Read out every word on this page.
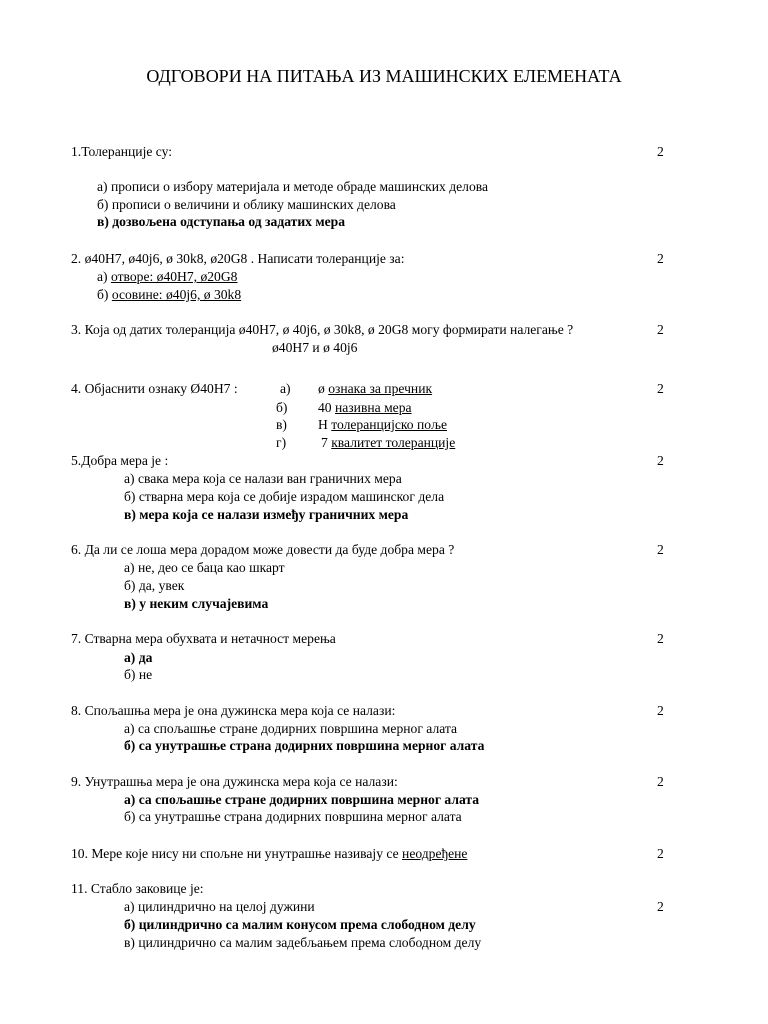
ОДГОВОРИ НА ПИТАЊА ИЗ МАШИНСКИХ ЕЛЕМЕНАТА
1.Толеранције су:	2
а) прописи о избору материјала и методе обраде машинских делова
б) прописи о величини и облику машинских делова
в) дозвољена одступања од задатих мера
2. ø40H7, ø40j6, ø 30k8, ø20G8 . Написати толеранције за:	2
а) отворе: ø40H7, ø20G8
б) осовине: ø40j6, ø 30k8
3. Која од датих толеранција ø40H7, ø 40j6, ø 30k8, ø 20G8 могу формирати налегање ?	2
ø40H7 и ø 40j6
4. Објаснити ознаку Ø40H7 :	2
а) ø ознака за пречник
б) 40 називна мера
в) H толеранцијско поље
г)	7 квалитет толеранције
5.Добра мера је :	2
а) свака мера која се налази ван граничних мера
б) стварна мера која се добије израдом машинског дела
в) мера која се налази између граничних мера
6. Да ли се лоша мера дорадом може довести да буде добра мера ?	2
а) не, део се баца као шкарт
б) да, увек
в) у неким случајевима
7. Стварна мера обухвата и нетачност мерења	2
а) да
б) не
8. Спољашња мера је она дужинска мера која се налази:	2
а) са спољашње стране додирних површина мерног алата
б) са унутрашње страна додирних површина мерног алата
9. Унутрашња мера је она дужинска мера која се налази:	2
а) са спољашње стране додирних површина мерног алата
б) са унутрашње страна додирних површина мерног алата
10. Мере које нису ни спољне ни унутрашње називају се неодређене	2
11. Стабло заковице је:
а) цилиндрично на целој дужини	2
б) цилиндрично са малим конусом према слободном делу
в) цилиндрично са малим задебљањем према слободном делу
